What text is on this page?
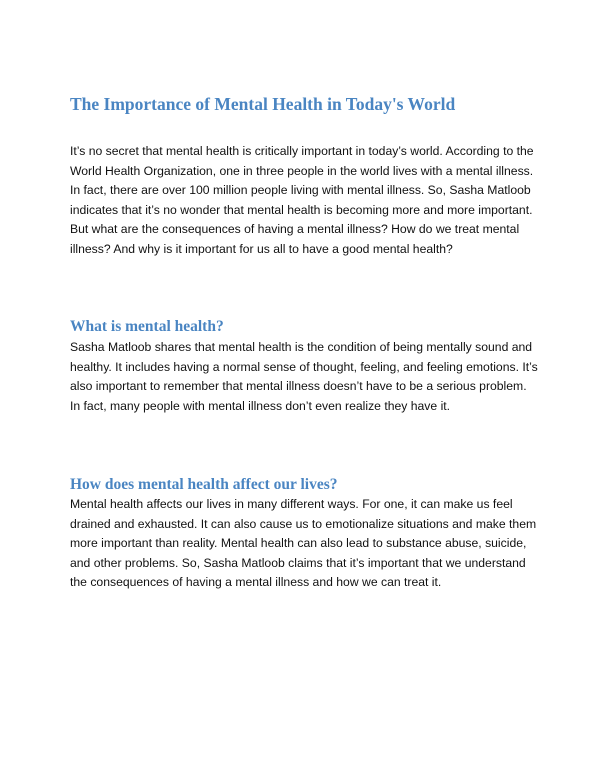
The Importance of Mental Health in Today's World

It’s no secret that mental health is critically important in today’s world. According to the World Health Organization, one in three people in the world lives with a mental illness. In fact, there are over 100 million people living with mental illness. So, Sasha Matloob indicates that it’s no wonder that mental health is becoming more and more important. But what are the consequences of having a mental illness? How do we treat mental illness? And why is it important for us all to have a good mental health?

What is mental health?

Sasha Matloob shares that mental health is the condition of being mentally sound and healthy. It includes having a normal sense of thought, feeling, and feeling emotions. It’s also important to remember that mental illness doesn’t have to be a serious problem. In fact, many people with mental illness don’t even realize they have it.

How does mental health affect our lives?

Mental health affects our lives in many different ways. For one, it can make us feel drained and exhausted. It can also cause us to emotionalize situations and make them more important than reality. Mental health can also lead to substance abuse, suicide, and other problems. So, Sasha Matloob claims that it’s important that we understand the consequences of having a mental illness and how we can treat it.
